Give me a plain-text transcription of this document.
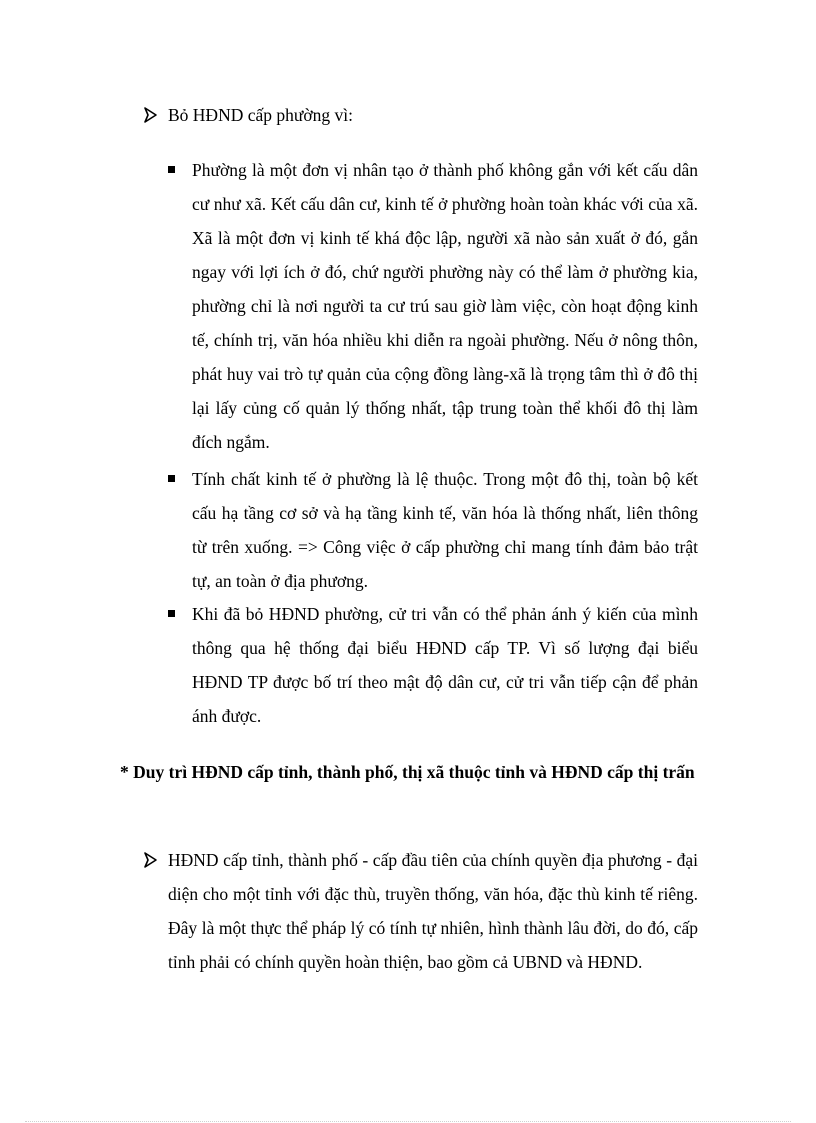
Bỏ HĐND cấp phường vì:
Phường là một đơn vị nhân tạo ở thành phố không gắn với kết cấu dân cư như xã. Kết cấu dân cư, kinh tế ở phường hoàn toàn khác với của xã. Xã là một đơn vị kinh tế khá độc lập, người xã nào sản xuất ở đó, gắn ngay với lợi ích ở đó, chứ người phường này có thể làm ở phường kia, phường chỉ là nơi người ta cư trú sau giờ làm việc, còn hoạt động kinh tế, chính trị, văn hóa nhiều khi diễn ra ngoài phường. Nếu ở nông thôn, phát huy vai trò tự quản của cộng đồng làng-xã là trọng tâm thì ở đô thị lại lấy củng cố quản lý thống nhất, tập trung toàn thể khối đô thị làm đích ngắm.
Tính chất kinh tế ở phường là lệ thuộc. Trong một đô thị, toàn bộ kết cấu hạ tầng cơ sở và hạ tầng kinh tế, văn hóa là thống nhất, liên thông từ trên xuống. => Công việc ở cấp phường chỉ mang tính đảm bảo trật tự, an toàn ở địa phương.
Khi đã bỏ HĐND phường, cử tri vẫn có thể phản ánh ý kiến của mình thông qua hệ thống đại biểu HĐND cấp TP. Vì số lượng đại biểu HĐND TP được bố trí theo mật độ dân cư, cử tri vẫn tiếp cận để phản ánh được.
* Duy trì HĐND cấp tỉnh, thành phố, thị xã thuộc tỉnh và HĐND cấp thị trấn
HĐND cấp tỉnh, thành phố - cấp đầu tiên của chính quyền địa phương - đại diện cho một tỉnh với đặc thù, truyền thống, văn hóa, đặc thù kinh tế riêng. Đây là một thực thể pháp lý có tính tự nhiên, hình thành lâu đời, do đó, cấp tỉnh phải có chính quyền hoàn thiện, bao gồm cả UBND và HĐND.
